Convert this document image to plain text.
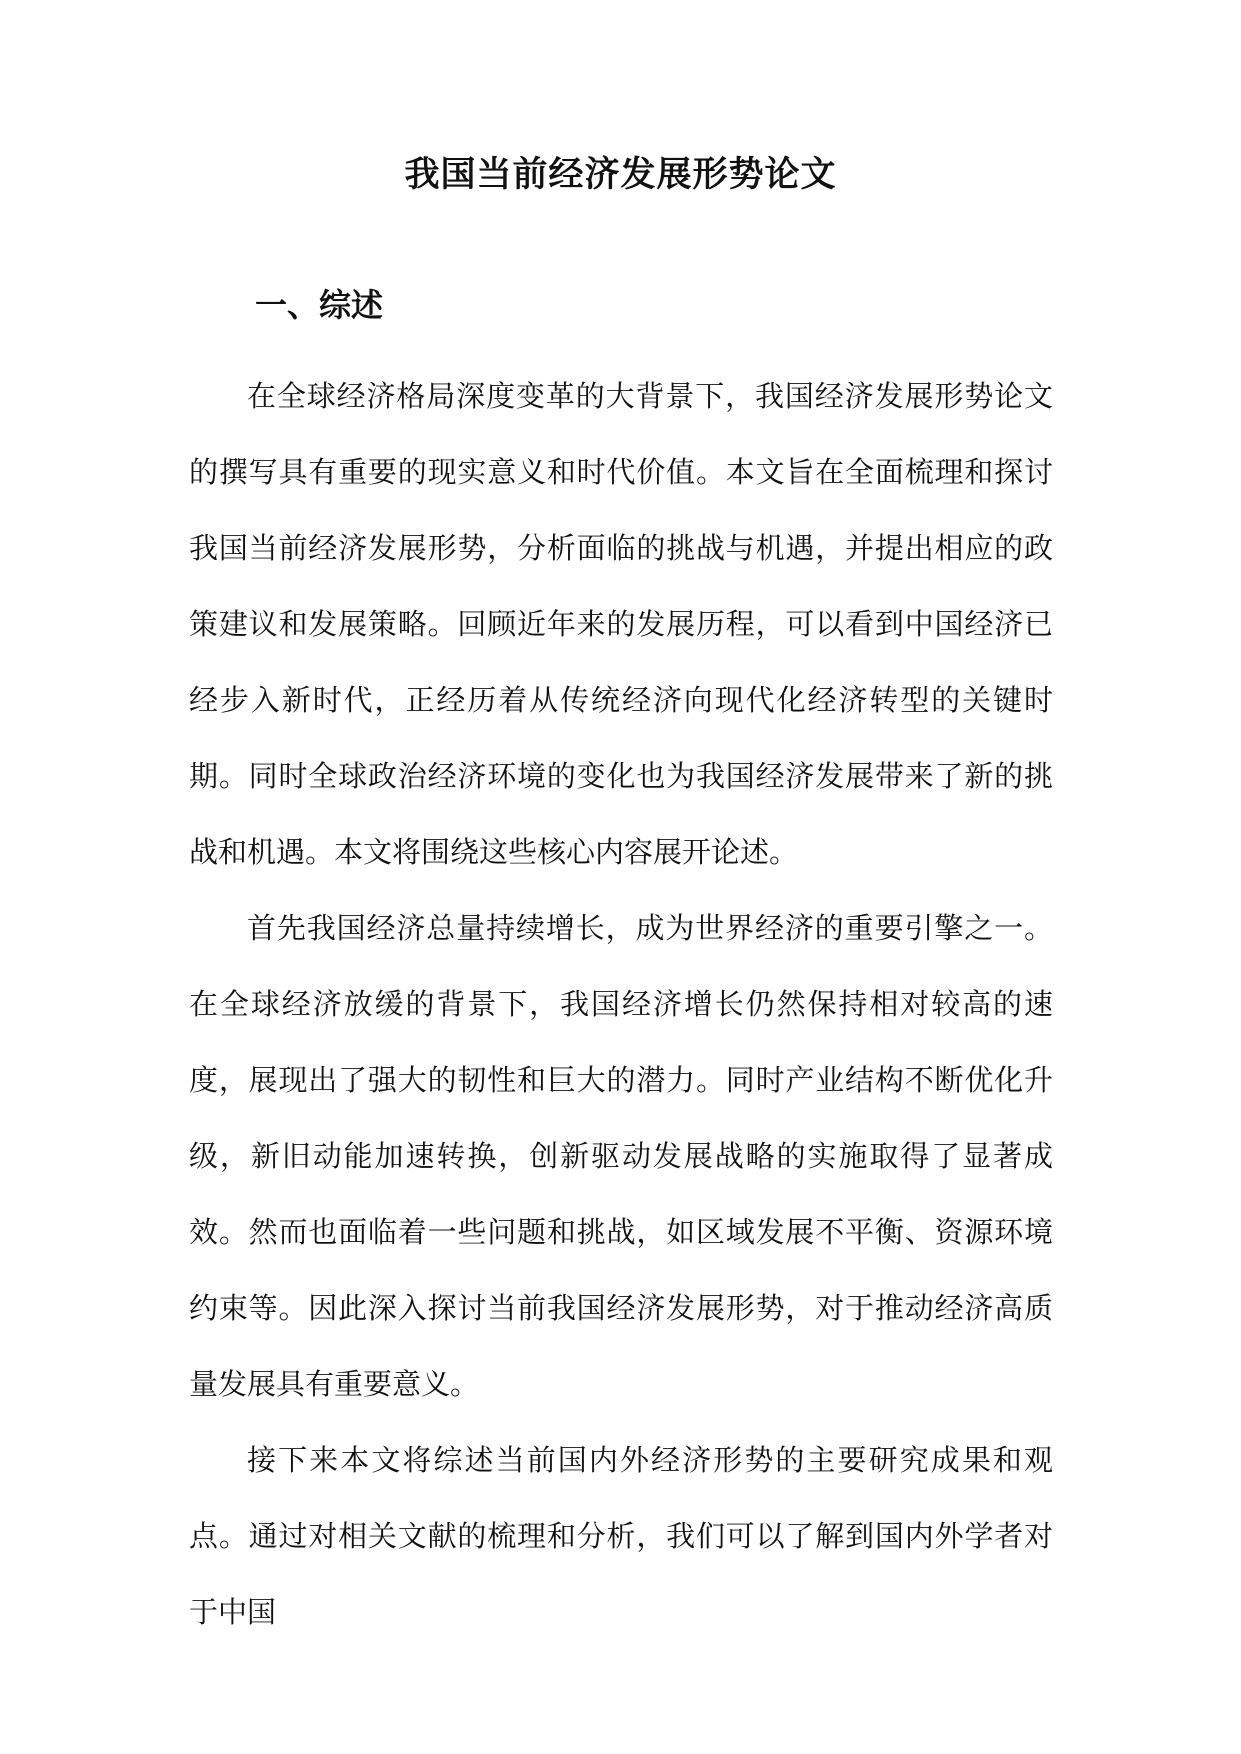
我国当前经济发展形势论文
一、综述

在全球经济格局深度变革的大背景下，我国经济发展形势论文的撰写具有重要的现实意义和时代价值。本文旨在全面梳理和探讨我国当前经济发展形势，分析面临的挑战与机遇，并提出相应的政策建议和发展策略。回顾近年来的发展历程，可以看到中国经济已经步入新时代，正经历着从传统经济向现代化经济转型的关键时期。同时全球政治经济环境的变化也为我国经济发展带来了新的挑战和机遇。本文将围绕这些核心内容展开论述。

首先我国经济总量持续增长，成为世界经济的重要引擎之一。在全球经济放缓的背景下，我国经济增长仍然保持相对较高的速度，展现出了强大的韧性和巨大的潜力。同时产业结构不断优化升级，新旧动能加速转换，创新驱动发展战略的实施取得了显著成效。然而也面临着一些问题和挑战，如区域发展不平衡、资源环境约束等。因此深入探讨当前我国经济发展形势，对于推动经济高质量发展具有重要意义。

接下来本文将综述当前国内外经济形势的主要研究成果和观点。通过对相关文献的梳理和分析，我们可以了解到国内外学者对于中国
